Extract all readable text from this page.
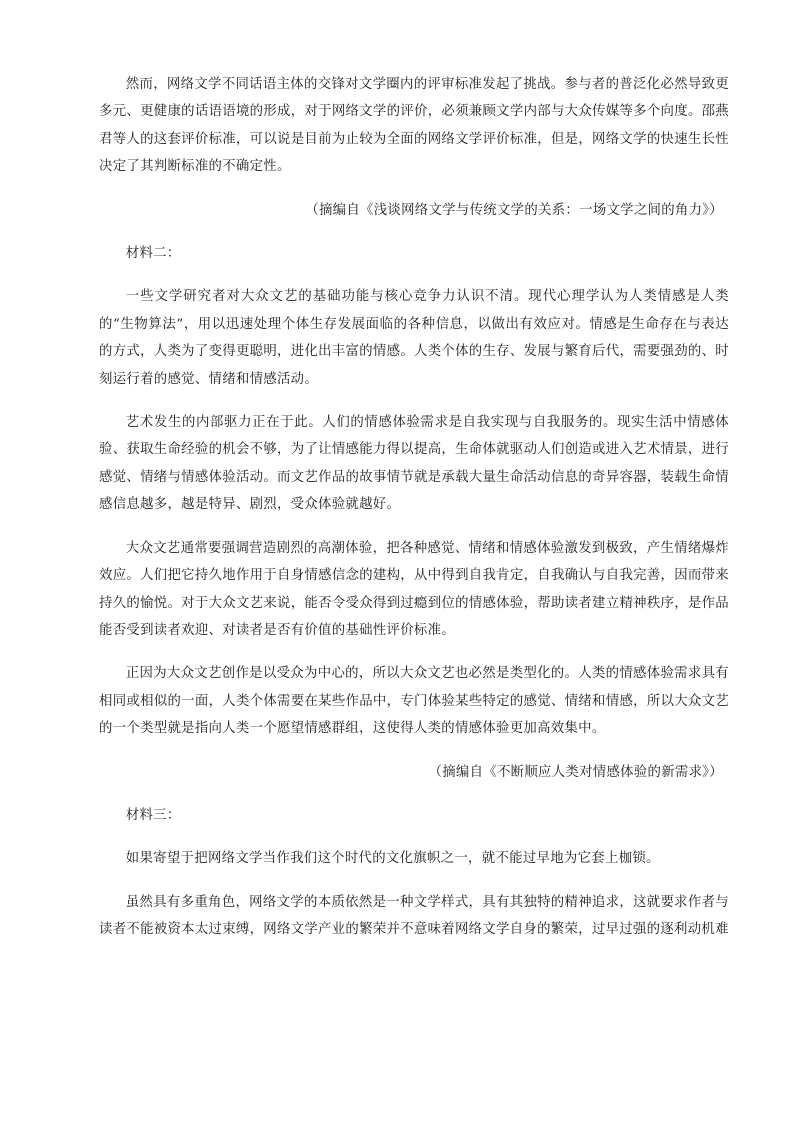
然而，网络文学不同话语主体的交锋对文学圈内的评审标准发起了挑战。参与者的普泛化必然导致更多元、更健康的话语语境的形成，对于网络文学的评价，必须兼顾文学内部与大众传媒等多个向度。邵燕君等人的这套评价标准，可以说是目前为止较为全面的网络文学评价标准，但是，网络文学的快速生长性决定了其判断标准的不确定性。

（摘编自《浅谈网络文学与传统文学的关系：一场文学之间的角力》）

材料二：

一些文学研究者对大众文艺的基础功能与核心竞争力认识不清。现代心理学认为人类情感是人类的“生物算法”，用以迅速处理个体生存发展面临的各种信息，以做出有效应对。情感是生命存在与表达的方式，人类为了变得更聪明，进化出丰富的情感。人类个体的生存、发展与繁育后代，需要强劲的、时刻运行着的感觉、情绪和情感活动。

艺术发生的内部驱力正在于此。人们的情感体验需求是自我实现与自我服务的。现实生活中情感体验、获取生命经验的机会不够，为了让情感能力得以提高，生命体就驱动人们创造或进入艺术情景，进行感觉、情绪与情感体验活动。而文艺作品的故事情节就是承载大量生命活动信息的奇异容器，装载生命情感信息越多，越是特异、剧烈，受众体验就越好。

大众文艺通常要强调营造剧烈的高潮体验，把各种感觉、情绪和情感体验激发到极致，产生情绪爆炸效应。人们把它持久地作用于自身情感信念的建构，从中得到自我肯定，自我确认与自我完善，因而带来持久的愉悦。对于大众文艺来说，能否令受众得到过瘾到位的情感体验，帮助读者建立精神秩序，是作品能否受到读者欢迎、对读者是否有价值的基础性评价标准。

正因为大众文艺创作是以受众为中心的，所以大众文艺也必然是类型化的。人类的情感体验需求具有相同或相似的一面，人类个体需要在某些作品中，专门体验某些特定的感觉、情绪和情感，所以大众文艺的一个类型就是指向人类一个愿望情感群组，这使得人类的情感体验更加高效集中。

（摘编自《不断顺应人类对情感体验的新需求》）

材料三：

如果寄望于把网络文学当作我们这个时代的文化旗帜之一，就不能过早地为它套上枷锁。

虽然具有多重角色，网络文学的本质依然是一种文学样式，具有其独特的精神追求，这就要求作者与读者不能被资本太过束缚，网络文学产业的繁荣并不意味着网络文学自身的繁荣，过早过强的逐利动机难
